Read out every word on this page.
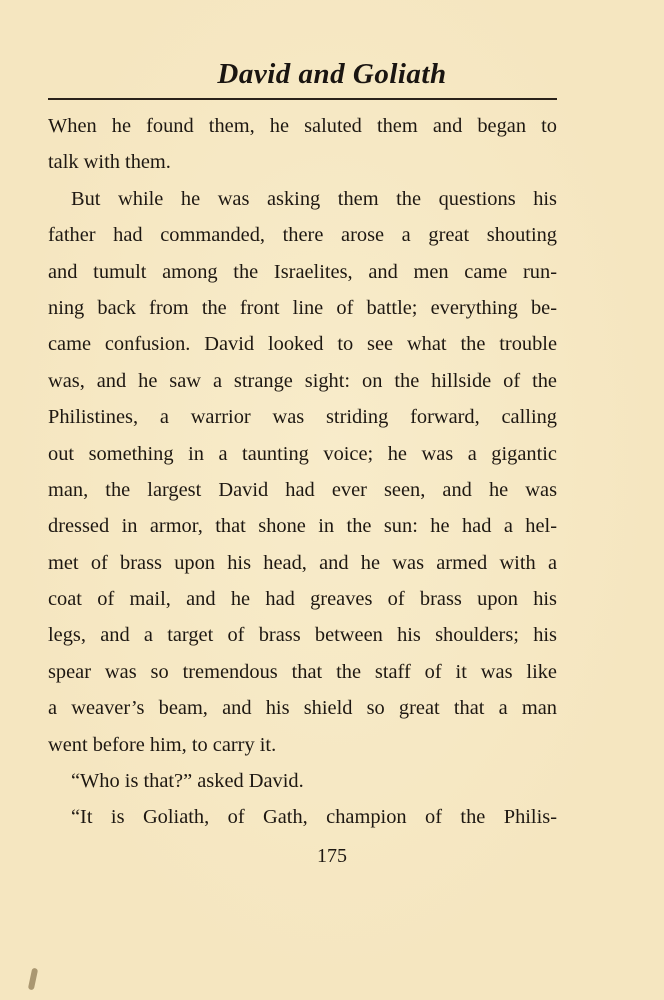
David and Goliath
When he found them, he saluted them and began to
talk with them.
But while he was asking them the questions his
father had commanded, there arose a great shouting
and tumult among the Israelites, and men came run-
ning back from the front line of battle; everything be-
came confusion. David looked to see what the trouble
was, and he saw a strange sight: on the hillside of the
Philistines, a warrior was striding forward, calling
out something in a taunting voice; he was a gigantic
man, the largest David had ever seen, and he was
dressed in armor, that shone in the sun: he had a hel-
met of brass upon his head, and he was armed with a
coat of mail, and he had greaves of brass upon his
legs, and a target of brass between his shoulders; his
spear was so tremendous that the staff of it was like
a weaver’s beam, and his shield so great that a man
went before him, to carry it.
“Who is that?” asked David.
“It is Goliath, of Gath, champion of the Philis-
175
